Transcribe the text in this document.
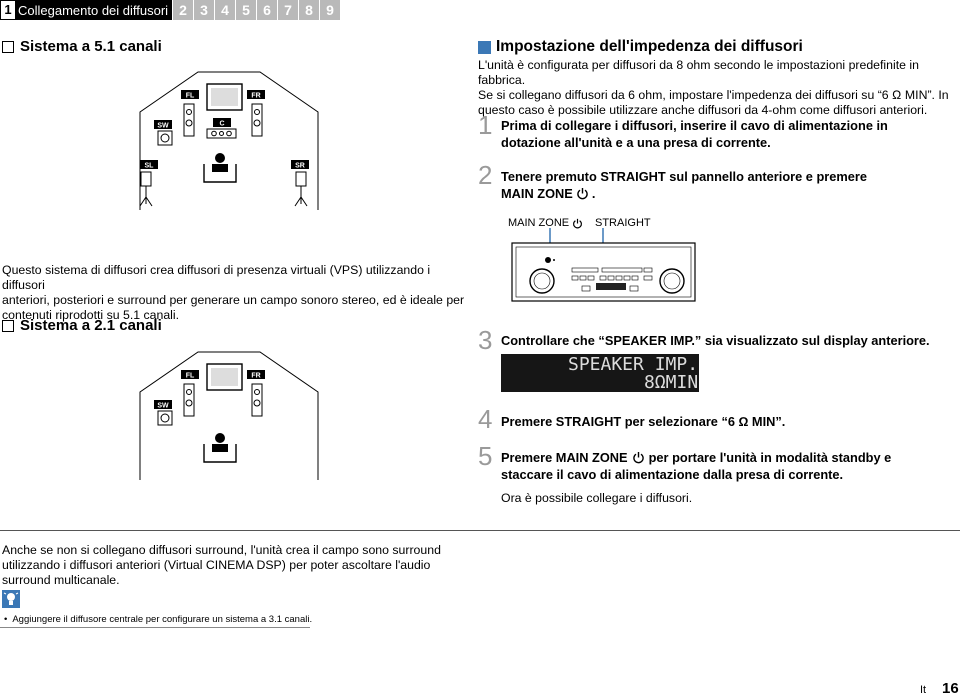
1 Collegamento dei diffusori 2 3 4 5 6 7 8 9
Sistema a 5.1 canali
FL	FR
SW	C
SL	SR
Questo sistema di diffusori crea diffusori di presenza virtuali (VPS) utilizzando i diffusori
anteriori, posteriori e surround per generare un campo sonoro stereo, ed è ideale per
contenuti riprodotti su 5.1 canali.
Sistema a 2.1 canali
FL	FR
SW
Anche se non si collegano diffusori surround, l'unità crea il campo sono surround
utilizzando i diffusori anteriori (Virtual CINEMA DSP) per poter ascoltare l'audio
surround multicanale.
• Aggiungere il diffusore centrale per configurare un sistema a 3.1 canali.
Impostazione dell'impedenza dei diffusori
L'unità è configurata per diffusori da 8 ohm secondo le impostazioni predefinite in fabbrica.
Se si collegano diffusori da 6 ohm, impostare l'impedenza dei diffusori su “6 Ω MIN”. In
questo caso è possibile utilizzare anche diffusori da 4-ohm come diffusori anteriori.
1 Prima di collegare i diffusori, inserire il cavo di alimentazione in
dotazione all'unità e a una presa di corrente.
2 Tenere premuto STRAIGHT sul pannello anteriore e premere
MAIN ZONE .
MAIN ZONE STRAIGHT
3 Controllare che “SPEAKER IMP.” sia visualizzato sul display anteriore.

SPEAKER IMP.

8ΩMIN

4 Premere STRAIGHT per selezionare “6 Ω MIN”.
5 Premere MAIN ZONE per portare l'unità in modalità standby e
staccare il cavo di alimentazione dalla presa di corrente.
Ora è possibile collegare i diffusori.
It 16
